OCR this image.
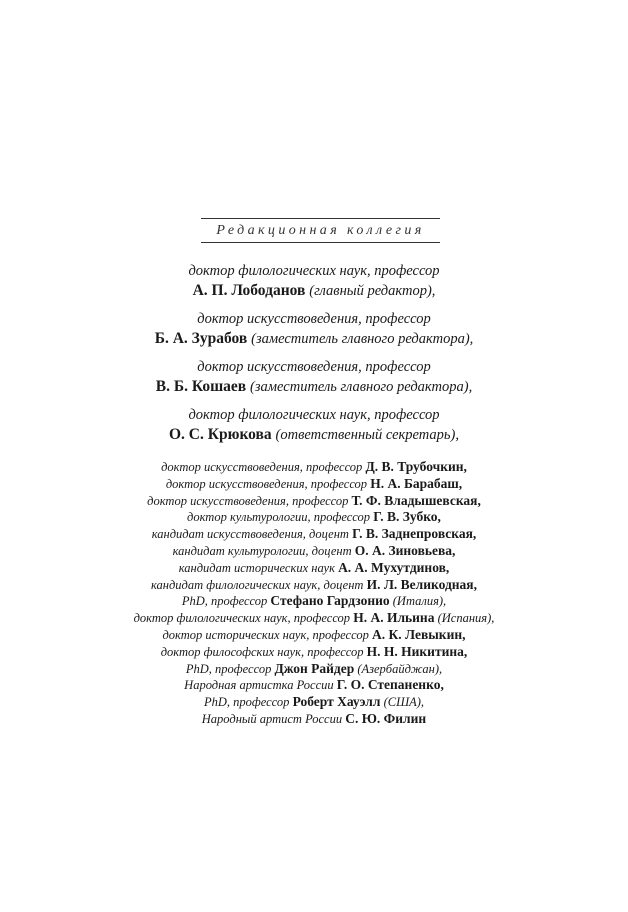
Редакционная коллегия
доктор филологических наук, профессор
А. П. Лободанов (главный редактор),
доктор искусствоведения, профессор
Б. А. Зурабов (заместитель главного редактора),
доктор искусствоведения, профессор
В. Б. Кошаев (заместитель главного редактора),
доктор филологических наук, профессор
О. С. Крюкова (ответственный секретарь),
доктор искусствоведения, профессор Д. В. Трубочкин,
доктор искусствоведения, профессор Н. А. Барабаш,
доктор искусствоведения, профессор Т. Ф. Владышевская,
доктор культурологии, профессор Г. В. Зубко,
кандидат искусствоведения, доцент Г. В. Заднепровская,
кандидат культурологии, доцент О. А. Зиновьева,
кандидат исторических наук А. А. Мухутдинов,
кандидат филологических наук, доцент И. Л. Великодная,
PhD, профессор Стефано Гардзонио (Италия),
доктор филологических наук, профессор Н. А. Ильина (Испания),
доктор исторических наук, профессор А. К. Левыкин,
доктор философских наук, профессор Н. Н. Никитина,
PhD, профессор Джон Райдер (Азербайджан),
Народная артистка России Г. О. Степаненко,
PhD, профессор Роберт Хауэлл (США),
Народный артист России С. Ю. Филин
